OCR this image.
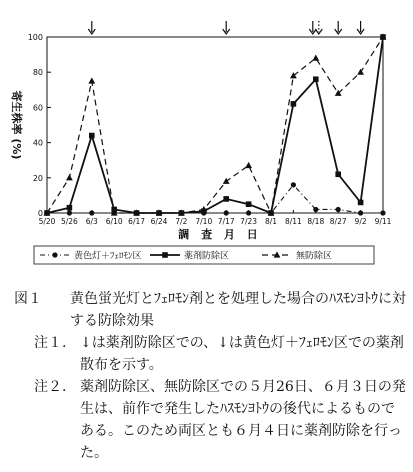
0
20
40
60
80
100
5/20 5/26 6/3 6/10 6/17 6/24 7/2 7/10 7/17 7/23 8/1 8/11 8/18 8/27 9/2 9/11
寄生株率 (%)
調 査 月 日
黄色灯＋ﾌｪﾛﾓﾝ区	薬剤防除区	無防除区
図１	黄色蛍光灯とﾌｪﾛﾓﾝ剤とを処理した場合のﾊｽﾓﾝﾖﾄｳに対する防除効果
注１. ↓は薬剤防除区での、↓は黄色灯＋ﾌｪﾛﾓﾝ区での薬剤散布を示す。
注２. 薬剤防除区、無防除区での５月26日、６月３日の発生は、前作で発生したﾊｽﾓﾝﾖﾄｳの後代によるものである。このため両区とも６月４日に薬剤防除を行った。
